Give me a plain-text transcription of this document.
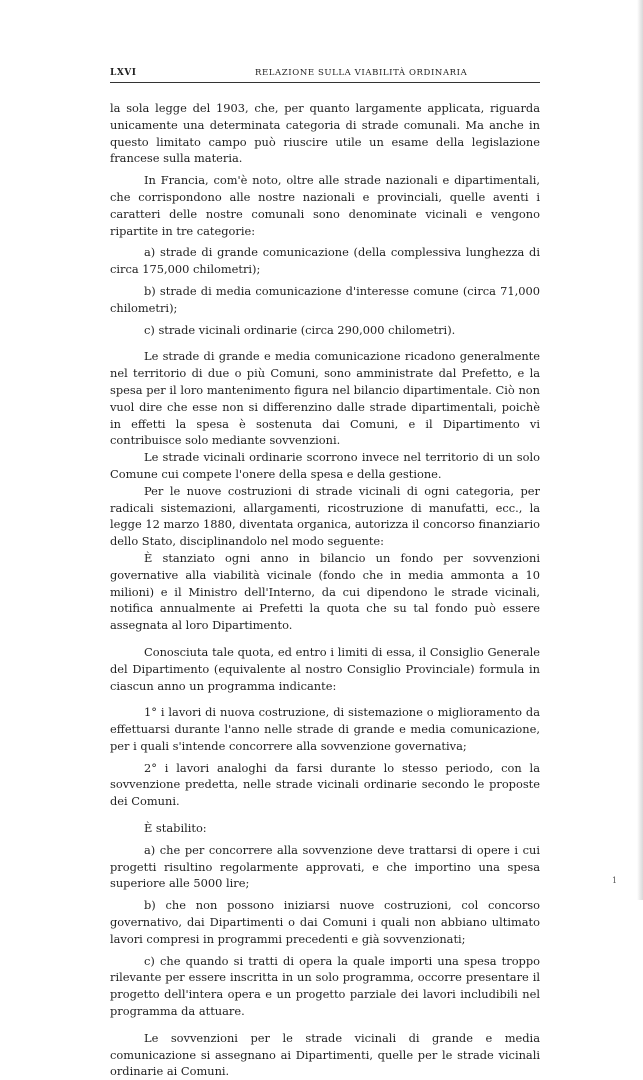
LXVI	RELAZIONE SULLA VIABILITÀ ORDINARIA

la sola legge del 1903, che, per quanto largamente applicata, riguarda unicamente una determinata categoria di strade comunali. Ma anche in questo limitato campo può riuscire utile un esame della legislazione francese sulla materia.

In Francia, com'è noto, oltre alle strade nazionali e dipartimentali, che corrispondono alle nostre nazionali e provinciali, quelle aventi i caratteri delle nostre comunali sono denominate vicinali e vengono ripartite in tre categorie:

a) strade di grande comunicazione (della complessiva lunghezza di circa 175,000 chilometri);

b) strade di media comunicazione d'interesse comune (circa 71,000 chilometri);

c) strade vicinali ordinarie (circa 290,000 chilometri).

Le strade di grande e media comunicazione ricadono generalmente nel territorio di due o più Comuni, sono amministrate dal Prefetto, e la spesa per il loro mantenimento figura nel bilancio dipartimentale. Ciò non vuol dire che esse non si differenzino dalle strade dipartimentali, poichè in effetti la spesa è sostenuta dai Comuni, e il Dipartimento vi contribuisce solo mediante sovvenzioni.

Le strade vicinali ordinarie scorrono invece nel territorio di un solo Comune cui compete l'onere della spesa e della gestione.

Per le nuove costruzioni di strade vicinali di ogni categoria, per radicali sistemazioni, allargamenti, ricostruzione di manufatti, ecc., la legge 12 marzo 1880, diventata organica, autorizza il concorso finanziario dello Stato, disciplinandolo nel modo seguente:

È stanziato ogni anno in bilancio un fondo per sovvenzioni governative alla viabilità vicinale (fondo che in media ammonta a 10 milioni) e il Ministro dell'Interno, da cui dipendono le strade vicinali, notifica annualmente ai Prefetti la quota che su tal fondo può essere assegnata al loro Dipartimento.

Conosciuta tale quota, ed entro i limiti di essa, il Consiglio Generale del Dipartimento (equivalente al nostro Consiglio Provinciale) formula in ciascun anno un programma indicante:

1° i lavori di nuova costruzione, di sistemazione o miglioramento da effettuarsi durante l'anno nelle strade di grande e media comunicazione, per i quali s'intende concorrere alla sovvenzione governativa;

2° i lavori analoghi da farsi durante lo stesso periodo, con la sovvenzione predetta, nelle strade vicinali ordinarie secondo le proposte dei Comuni.

È stabilito:

a) che per concorrere alla sovvenzione deve trattarsi di opere i cui progetti risultino regolarmente approvati, e che importino una spesa superiore alle 5000 lire;

b) che non possono iniziarsi nuove costruzioni, col concorso governativo, dai Dipartimenti o dai Comuni i quali non abbiano ultimato lavori compresi in programmi precedenti e già sovvenzionati;

c) che quando si tratti di opera la quale importi una spesa troppo rilevante per essere inscritta in un solo programma, occorre presentare il progetto dell'intera opera e un progetto parziale dei lavori includibili nel programma da attuare.

Le sovvenzioni per le strade vicinali di grande e media comunicazione si assegnano ai Dipartimenti, quelle per le strade vicinali ordinarie ai Comuni.

1
